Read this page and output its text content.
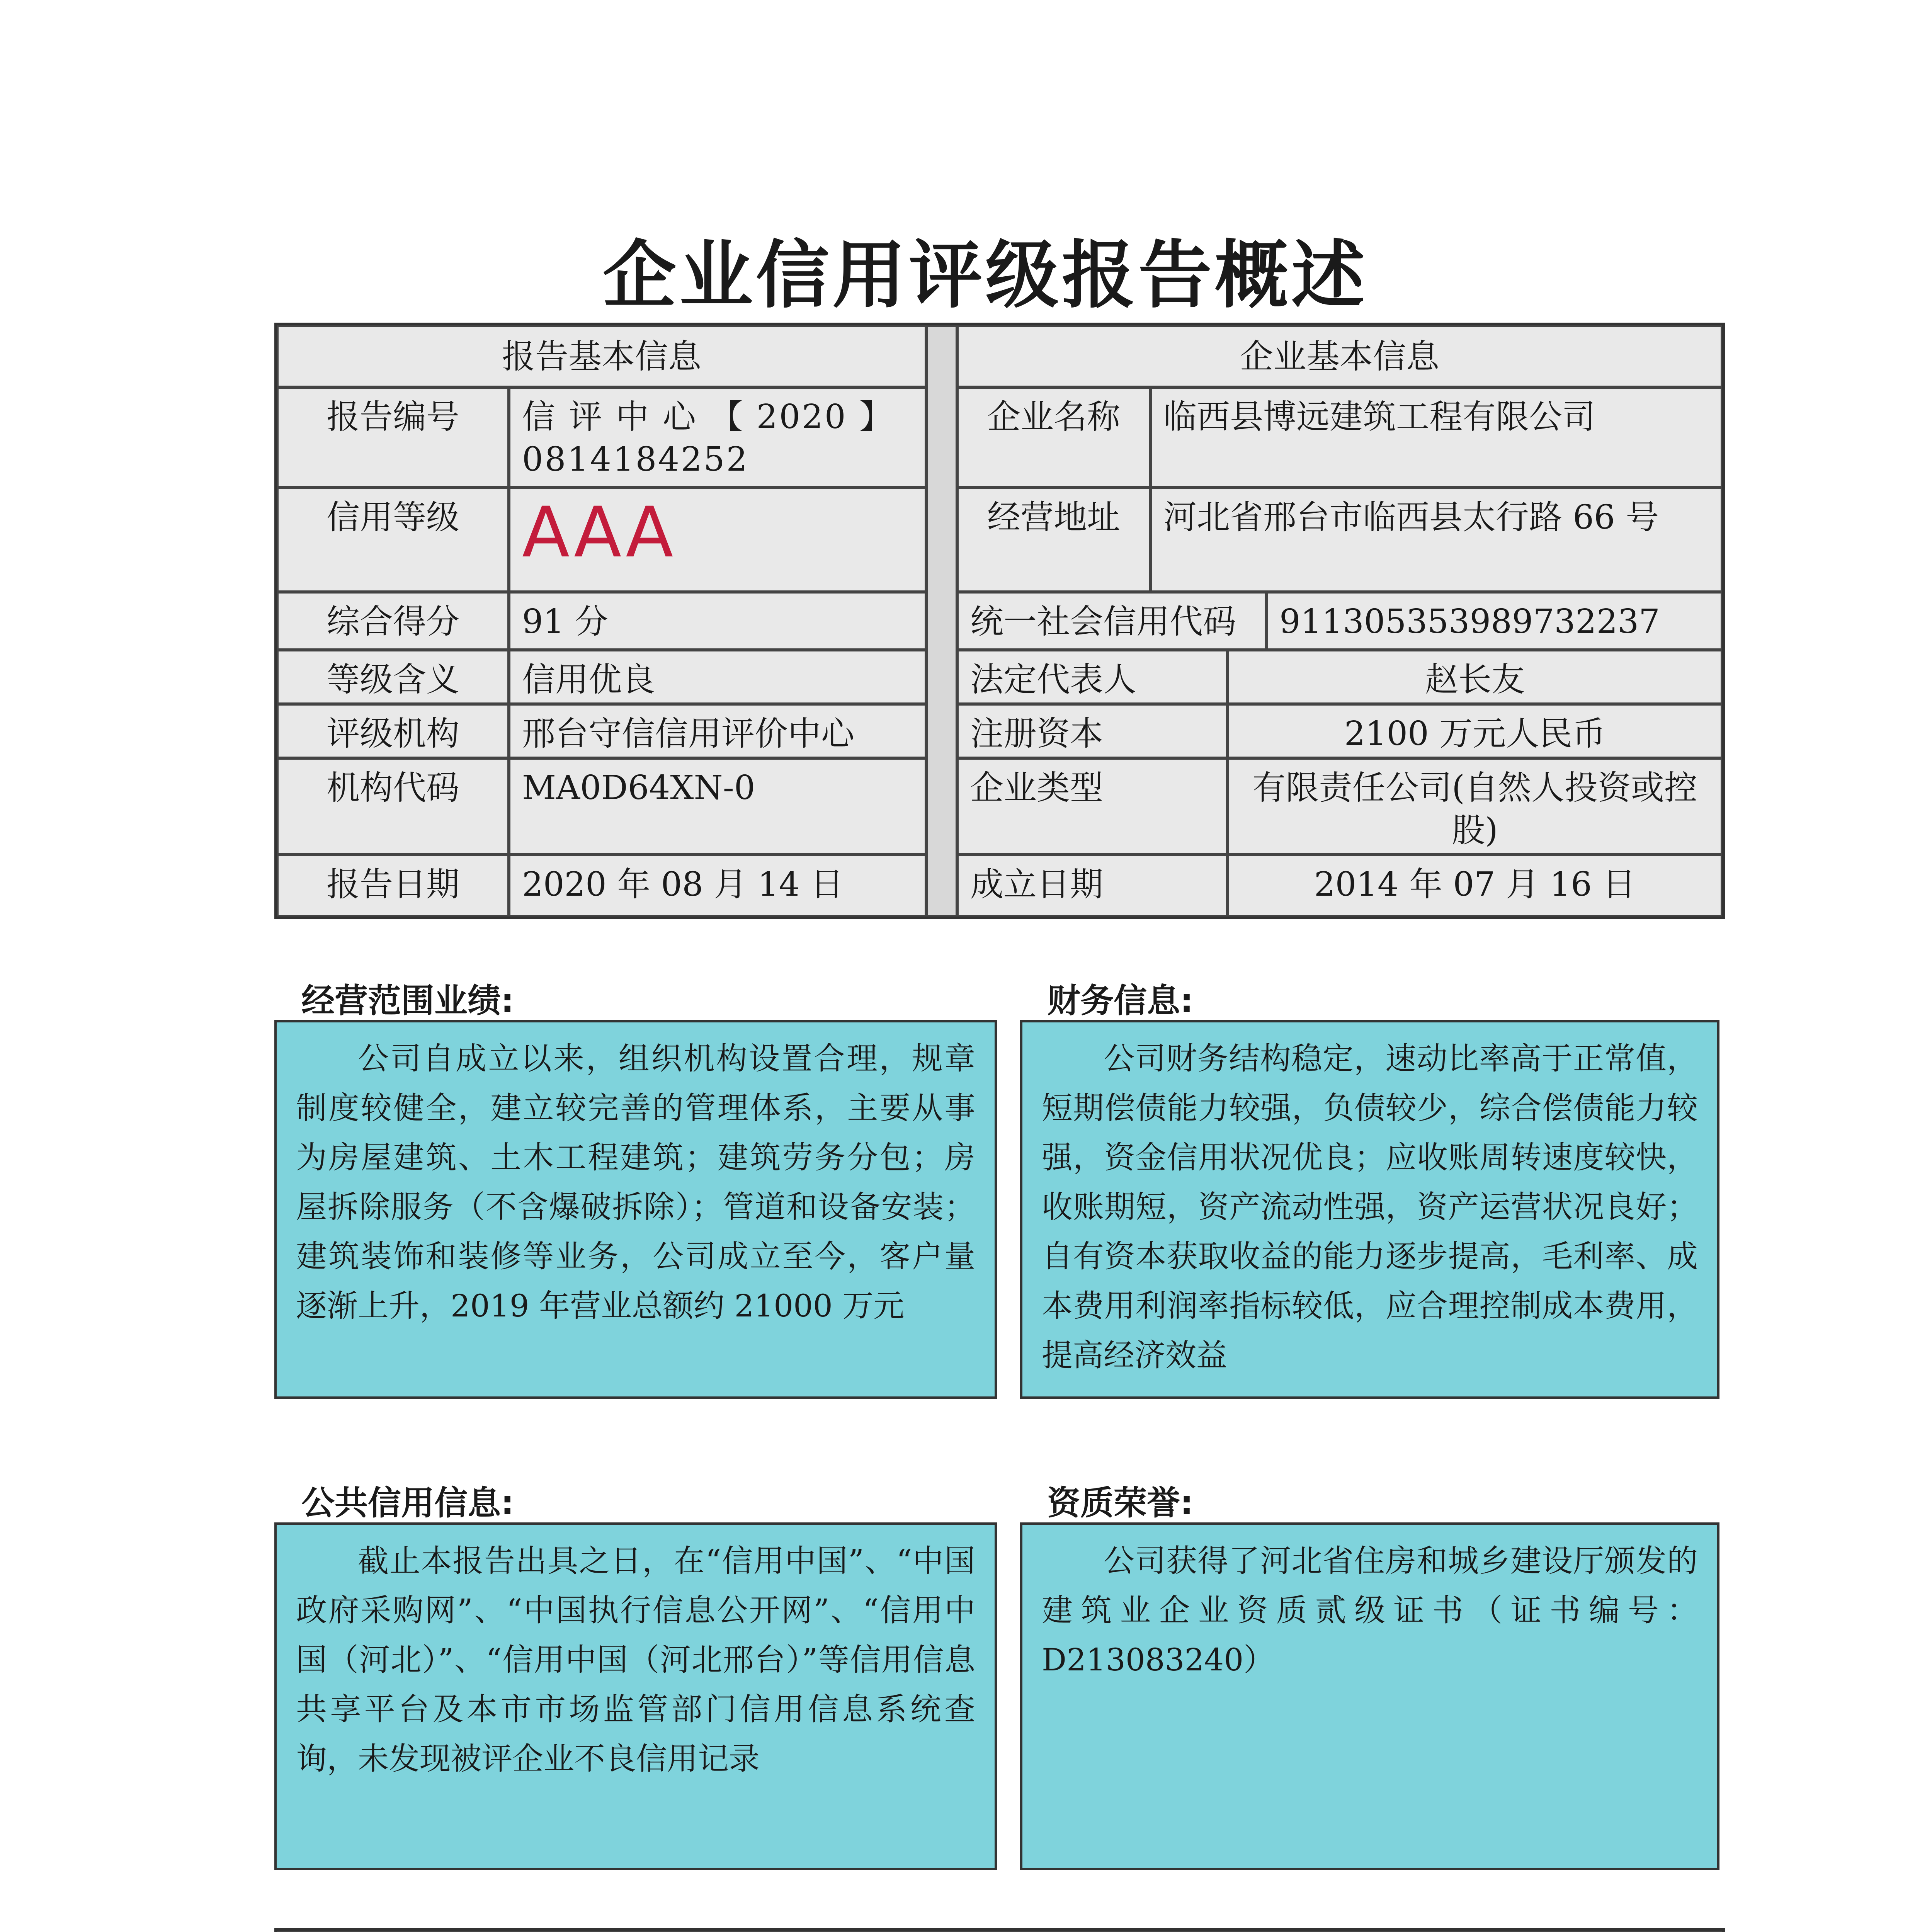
企业信用评级报告概述
报告基本信息	企业基本信息
报告编号	信 评 中 心 【 2020 】 0814184252
信用等级 AAA
综合得分	91 分
等级含义	信用优良
评级机构	邢台守信信用评价中心
机构代码	MA0D64XN-0
报告日期	2020 年 08 月 14 日
企业名称	临西县博远建筑工程有限公司
经营地址	河北省邢台市临西县太行路 66 号
统一社会信用代码	911305353989732237
法定代表人	赵长友
注册资本	2100 万元人民币
企业类型	有限责任公司(自然人投资或控股)
成立日期	2014 年 07 月 16 日
经营范围业绩:
公司自成立以来，组织机构设置合理，规章制度较健全，建立较完善的管理体系，主要从事为房屋建筑、土木工程建筑；建筑劳务分包；房屋拆除服务（不含爆破拆除）；管道和设备安装；建筑装饰和装修等业务，公司成立至今，客户量逐渐上升，2019 年营业总额约 21000 万元
财务信息:
公司财务结构稳定，速动比率高于正常值，短期偿债能力较强，负债较少，综合偿债能力较强，资金信用状况优良；应收账周转速度较快，收账期短，资产流动性强，资产运营状况良好；自有资本获取收益的能力逐步提高，毛利率、成本费用利润率指标较低，应合理控制成本费用，提高经济效益
公共信用信息:
截止本报告出具之日，在“信用中国”、“中国政府采购网”、“中国执行信息公开网”、“信用中国（河北）”、“信用中国（河北邢台）”等信用信息共享平台及本市市场监管部门信用信息系统查询，未发现被评企业不良信用记录
资质荣誉:
公司获得了河北省住房和城乡建设厅颁发的建筑业企业资质贰级证书（证书编号：D213083240）
